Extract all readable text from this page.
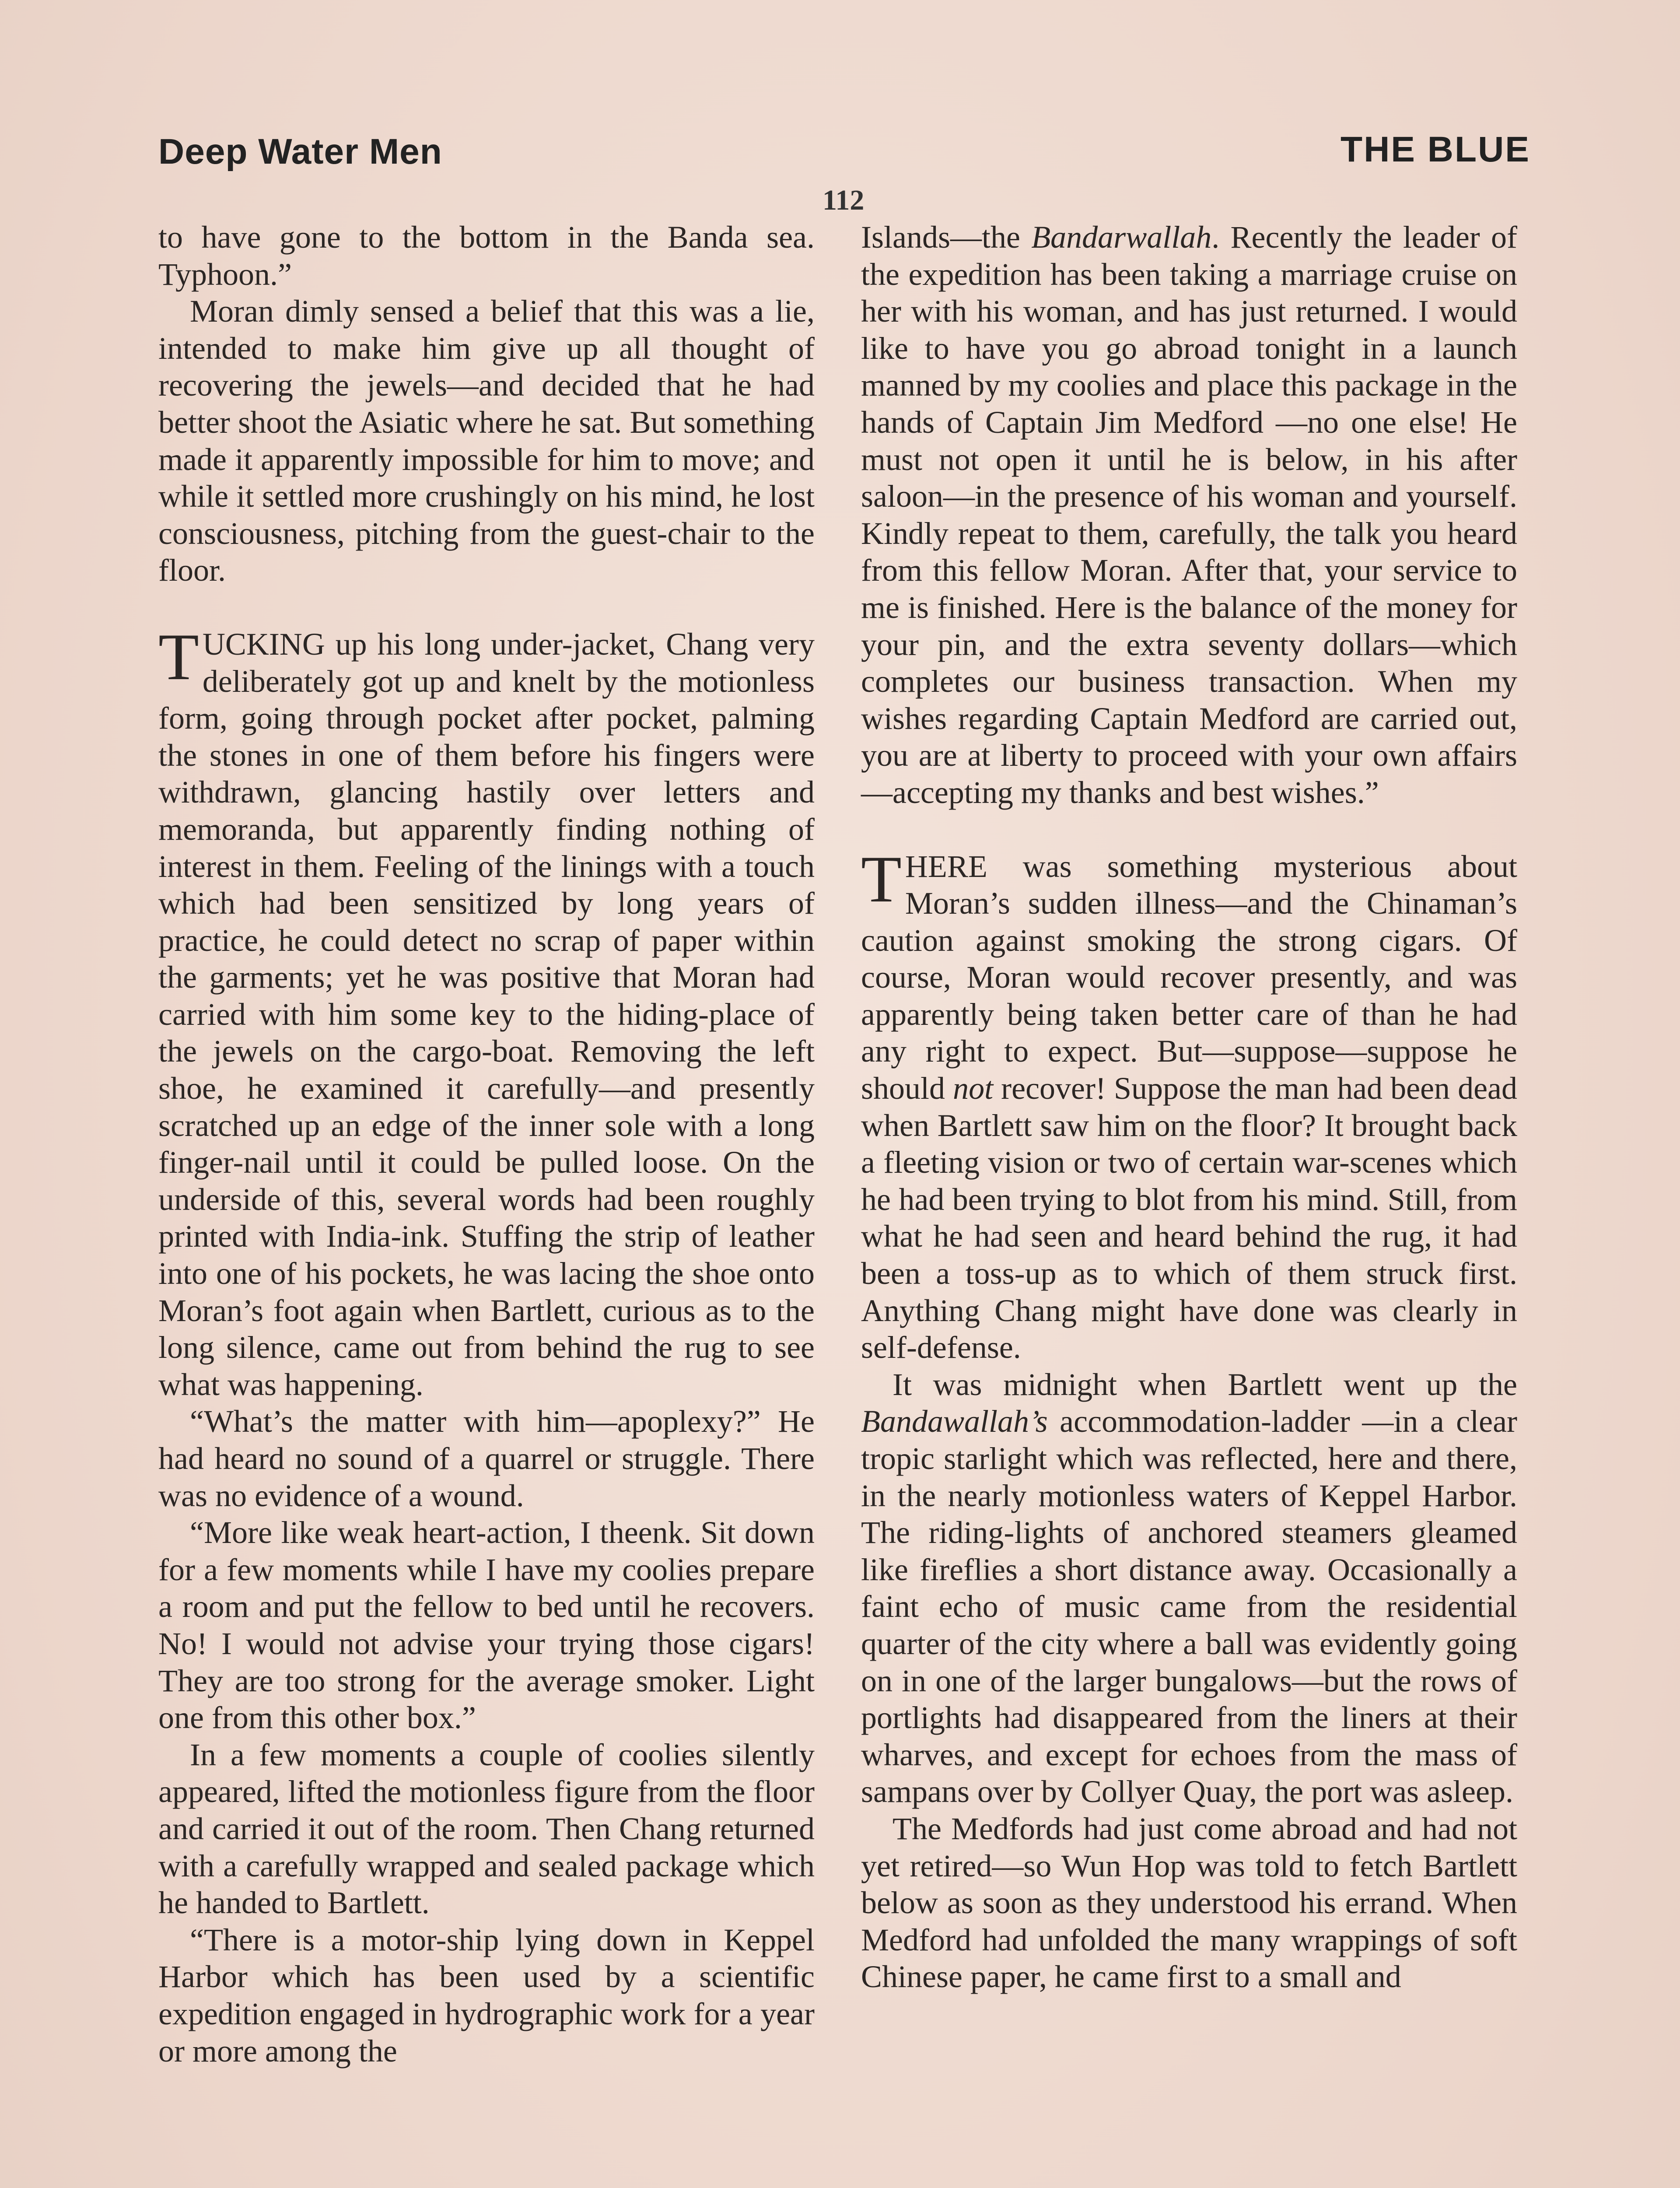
Deep Water Men
112
THE BLUE

to have gone to the bottom in the Banda sea. Typhoon.”

Moran dimly sensed a belief that this was a lie, intended to make him give up all thought of recovering the jewels—and decided that he had better shoot the Asiatic where he sat. But something made it apparently impossible for him to move; and while it settled more crushingly on his mind, he lost consciousness, pitching from the guest-chair to the floor.

TUCKING up his long under-jacket, Chang very deliberately got up and knelt by the motionless form, going through pocket after pocket, palming the stones in one of them before his fingers were withdrawn, glancing hastily over letters and memoranda, but apparently finding nothing of interest in them. Feeling of the linings with a touch which had been sensitized by long years of practice, he could detect no scrap of paper within the garments; yet he was positive that Moran had carried with him some key to the hiding-place of the jewels on the cargo-boat. Removing the left shoe, he examined it carefully—and presently scratched up an edge of the inner sole with a long finger-nail until it could be pulled loose. On the underside of this, several words had been roughly printed with India-ink. Stuffing the strip of leather into one of his pockets, he was lacing the shoe onto Moran’s foot again when Bartlett, curious as to the long silence, came out from behind the rug to see what was happening.

“What’s the matter with him—apoplexy?” He had heard no sound of a quarrel or struggle. There was no evidence of a wound.

“More like weak heart-action, I theenk. Sit down for a few moments while I have my coolies prepare a room and put the fellow to bed until he recovers. No! I would not advise your trying those cigars! They are too strong for the average smoker. Light one from this other box.”

In a few moments a couple of coolies silently appeared, lifted the motionless figure from the floor and carried it out of the room. Then Chang returned with a carefully wrapped and sealed package which he handed to Bartlett.

“There is a motor-ship lying down in Keppel Harbor which has been used by a scientific expedition engaged in hydrographic work for a year or more among the

Islands—the Bandarwallah. Recently the leader of the expedition has been taking a marriage cruise on her with his woman, and has just returned. I would like to have you go abroad tonight in a launch manned by my coolies and place this package in the hands of Captain Jim Medford —no one else! He must not open it until he is below, in his after saloon—in the presence of his woman and yourself. Kindly repeat to them, carefully, the talk you heard from this fellow Moran. After that, your service to me is finished. Here is the balance of the money for your pin, and the extra seventy dollars—which completes our business transaction. When my wishes regarding Captain Medford are carried out, you are at liberty to proceed with your own affairs—accepting my thanks and best wishes.”

THERE was something mysterious about Moran’s sudden illness—and the Chinaman’s caution against smoking the strong cigars. Of course, Moran would recover presently, and was apparently being taken better care of than he had any right to expect. But—suppose—suppose he should not recover! Suppose the man had been dead when Bartlett saw him on the floor? It brought back a fleeting vision or two of certain war-scenes which he had been trying to blot from his mind. Still, from what he had seen and heard behind the rug, it had been a toss-up as to which of them struck first. Anything Chang might have done was clearly in self-defense.

It was midnight when Bartlett went up the Bandawallah’s accommodation-ladder —in a clear tropic starlight which was reflected, here and there, in the nearly motionless waters of Keppel Harbor. The riding-lights of anchored steamers gleamed like fireflies a short distance away. Occasionally a faint echo of music came from the residential quarter of the city where a ball was evidently going on in one of the larger bungalows—but the rows of portlights had disappeared from the liners at their wharves, and except for echoes from the mass of sampans over by Collyer Quay, the port was asleep.

The Medfords had just come abroad and had not yet retired—so Wun Hop was told to fetch Bartlett below as soon as they understood his errand. When Medford had unfolded the many wrappings of soft Chinese paper, he came first to a small and
